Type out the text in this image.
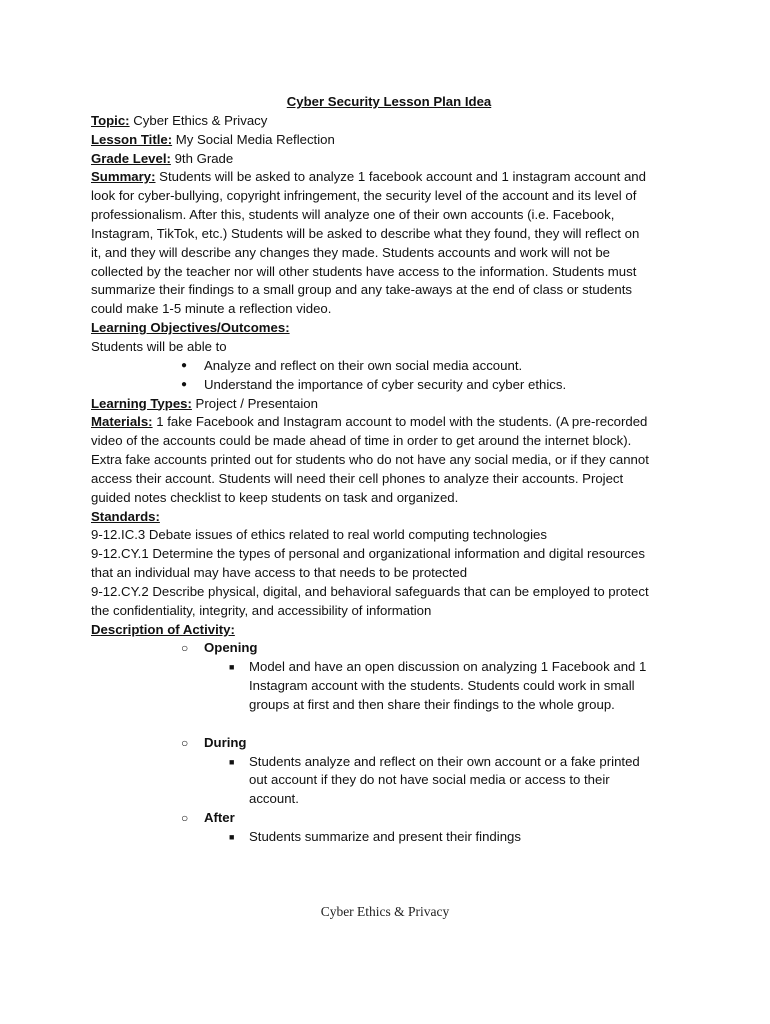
Cyber Security Lesson Plan Idea

Topic: Cyber Ethics & Privacy

Lesson Title: My Social Media Reflection

Grade Level: 9th Grade

Summary: Students will be asked to analyze 1 facebook account and 1 instagram account and

look for cyber-bullying, copyright infringement, the security level of the account and its level of

professionalism. After this, students will analyze one of their own accounts (i.e. Facebook,

Instagram, TikTok, etc.) Students will be asked to describe what they found, they will reflect on

it, and they will describe any changes they made. Students accounts and work will not be

collected by the teacher nor will other students have access to the information. Students must

summarize their findings to a small group and any take-aways at the end of class or students

could make 1-5 minute a reflection video.

Learning Objectives/Outcomes:

Students will be able to

● Analyze and reflect on their own social media account.
● Understand the importance of cyber security and cyber ethics.

Learning Types: Project / Presentaion

Materials: 1 fake Facebook and Instagram account to model with the students. (A pre-recorded

video of the accounts could be made ahead of time in order to get around the internet block).

Extra fake accounts printed out for students who do not have any social media, or if they cannot

access their account. Students will need their cell phones to analyze their accounts. Project

guided notes checklist to keep students on task and organized.

Standards:

9-12.IC.3 Debate issues of ethics related to real world computing technologies

9-12.CY.1 Determine the types of personal and organizational information and digital resources

that an individual may have access to that needs to be protected

9-12.CY.2 Describe physical, digital, and behavioral safeguards that can be employed to protect

the confidentiality, integrity, and accessibility of information

Description of Activity:

○ Opening
■ Model and have an open discussion on analyzing 1 Facebook and 1
Instagram account with the students. Students could work in small
groups at first and then share their findings to the whole group.
○ During
■ Students analyze and reflect on their own account or a fake printed
out account if they do not have social media or access to their
account.
○ After
■ Students summarize and present their findings
Cyber Ethics & Privacy
